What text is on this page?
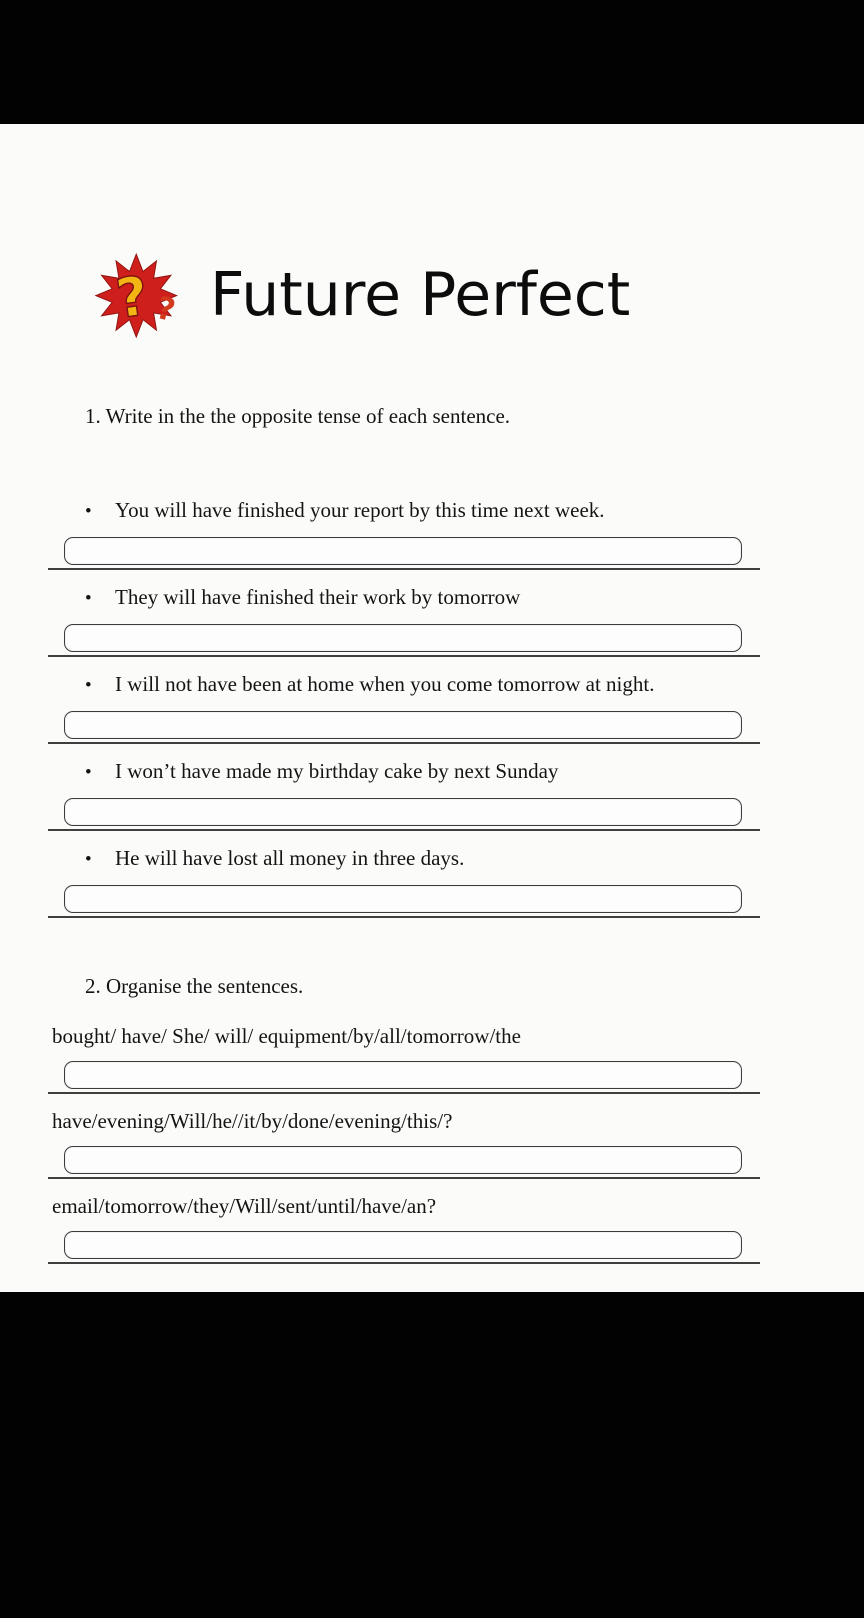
? ? Future Perfect
1. Write in the the opposite tense of each sentence.
•	You will have finished your report by this time next week.
•	They will have finished their work by tomorrow
•	I will not have been at home when you come tomorrow at night.
•	I won’t have made my birthday cake by next Sunday
•	He will have lost all money in three days.
2. Organise the sentences.
bought/ have/ She/ will/ equipment/by/all/tomorrow/the
have/evening/Will/he//it/by/done/evening/this/?
email/tomorrow/they/Will/sent/until/have/an?
